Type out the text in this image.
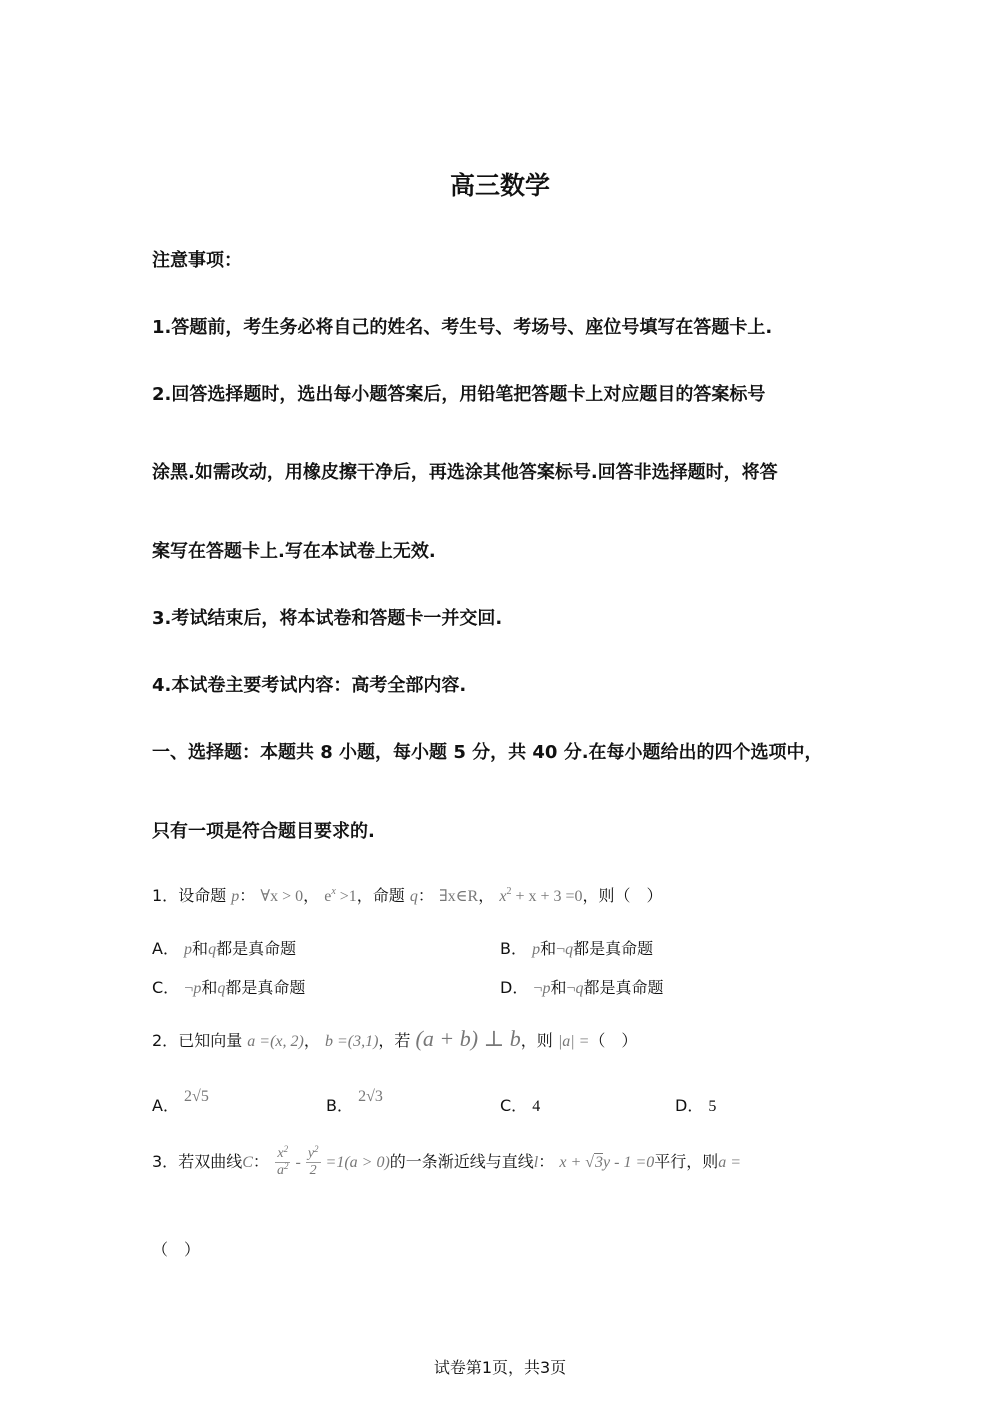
高三数学
注意事项：
1.答题前，考生务必将自己的姓名、考生号、考场号、座位号填写在答题卡上.
2.回答选择题时，选出每小题答案后，用铅笔把答题卡上对应题目的答案标号
涂黑.如需改动，用橡皮擦干净后，再选涂其他答案标号.回答非选择题时，将答
案写在答题卡上.写在本试卷上无效.
3.考试结束后，将本试卷和答题卡一并交回.
4.本试卷主要考试内容：高考全部内容.
一、选择题：本题共 8 小题，每小题 5 分，共 40 分.在每小题给出的四个选项中，
只有一项是符合题目要求的.
1．设命题 p： ∀x > 0， $e^x >1$，命题 q： ∃x∈R， $x^2 + x + 3 =0$，则（　）
A． p和q都是真命题	B． p和¬q都是真命题
C． ¬p和q都是真命题	D． ¬p和¬q都是真命题
2．已知向量 a =(x, 2)， b =(3,1)，若 (a + b) ⊥ b，则 |a| =（　）
A． 2√5	B． 2√3	C． 4	D． 5
3．若双曲线C： $\frac{x^2}{a^2} - \frac{y^2}{2} =1(a > 0)$的一条渐近线与直线l： x + √3y - 1 =0平行，则a =
（　）
试卷第1页，共3页
